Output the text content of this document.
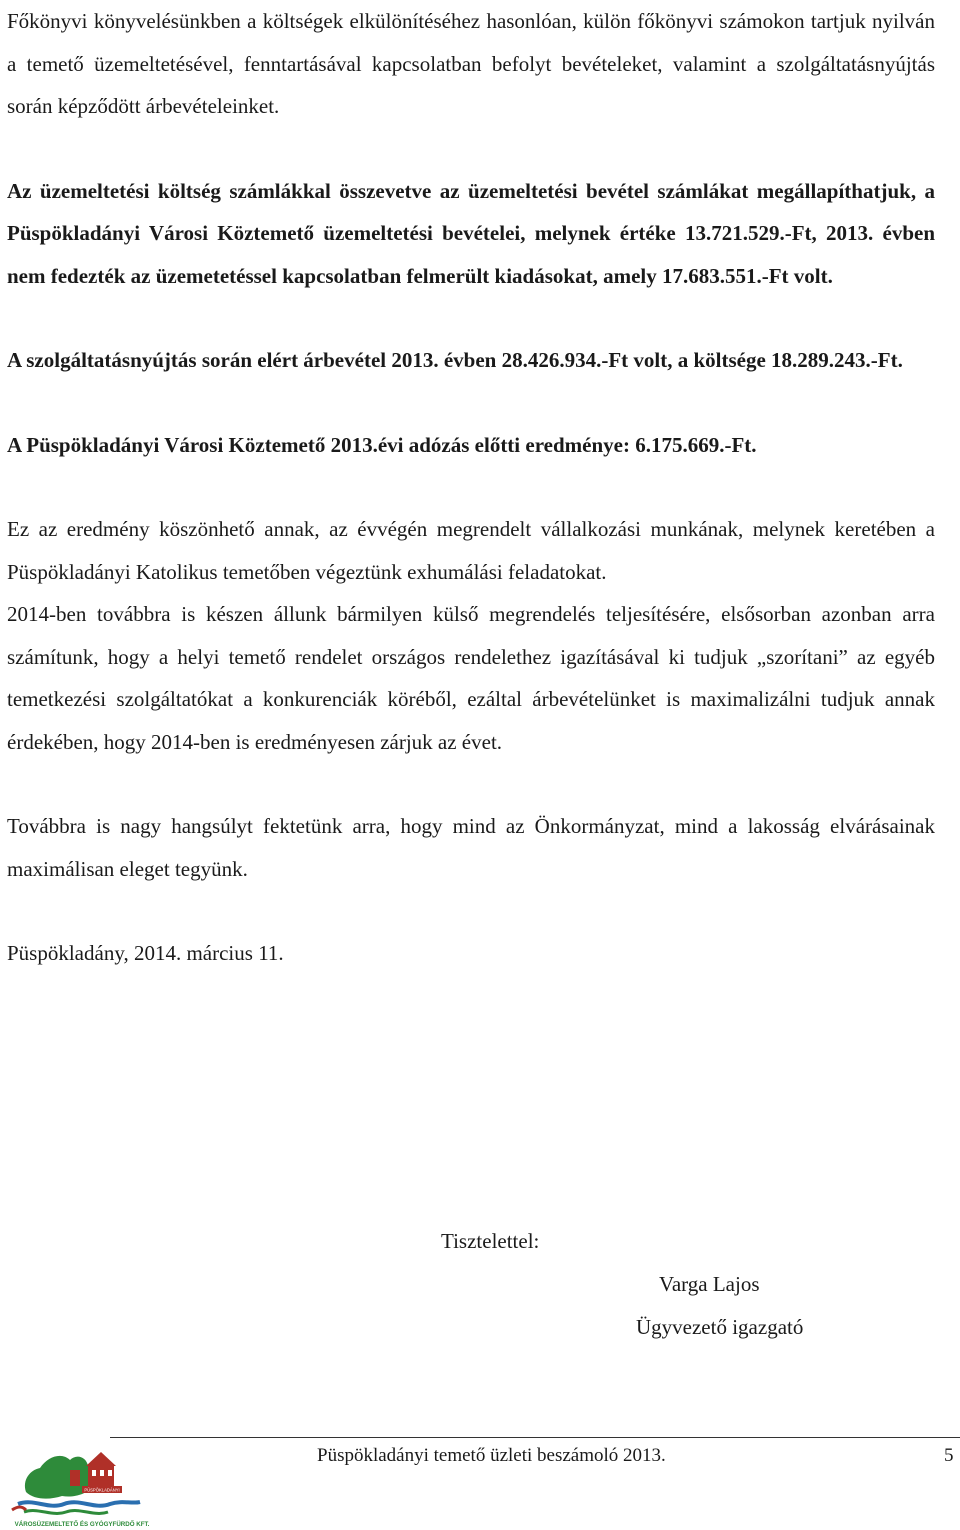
Főkönyvi könyvelésünkben a költségek elkülönítéséhez hasonlóan, külön főkönyvi számokon tartjuk nyilván a temető üzemeltetésével, fenntartásával kapcsolatban befolyt bevételeket, valamint a szolgáltatásnyújtás során képződött árbevételeinket.

Az üzemeltetési költség számlákkal összevetve az üzemeltetési bevétel számlákat megállapíthatjuk, a Püspökladányi Városi Köztemető üzemeltetési bevételei, melynek értéke 13.721.529.-Ft, 2013. évben nem fedezték az üzemetetéssel kapcsolatban felmerült kiadásokat, amely 17.683.551.-Ft volt.

A szolgáltatásnyújtás során elért árbevétel 2013. évben 28.426.934.-Ft volt, a költsége 18.289.243.-Ft.

A Püspökladányi Városi Köztemető 2013.évi adózás előtti eredménye: 6.175.669.-Ft.

Ez az eredmény köszönhető annak, az évvégén megrendelt vállalkozási munkának, melynek keretében a Püspökladányi Katolikus temetőben végeztünk exhumálási feladatokat.

2014-ben továbbra is készen állunk bármilyen külső megrendelés teljesítésére, elsősorban azonban arra számítunk, hogy a helyi temető rendelet országos rendelethez igazításával ki tudjuk „szorítani” az egyéb temetkezési szolgáltatókat a konkurenciák köréből, ezáltal árbevételünket is maximalizálni tudjuk annak érdekében, hogy 2014-ben is eredményesen zárjuk az évet.

Továbbra is nagy hangsúlyt fektetünk arra, hogy mind az Önkormányzat, mind a lakosság elvárásainak maximálisan eleget tegyünk.

Püspökladány, 2014. március 11.

Tisztelettel:
Varga Lajos
Ügyvezető igazgató
Püspökladányi temető üzleti beszámoló 2013.	5
PÜSPÖKLADÁNYI
VÁROSÜZEMELTETŐ ÉS GYÓGYFÜRDŐ KFT.
